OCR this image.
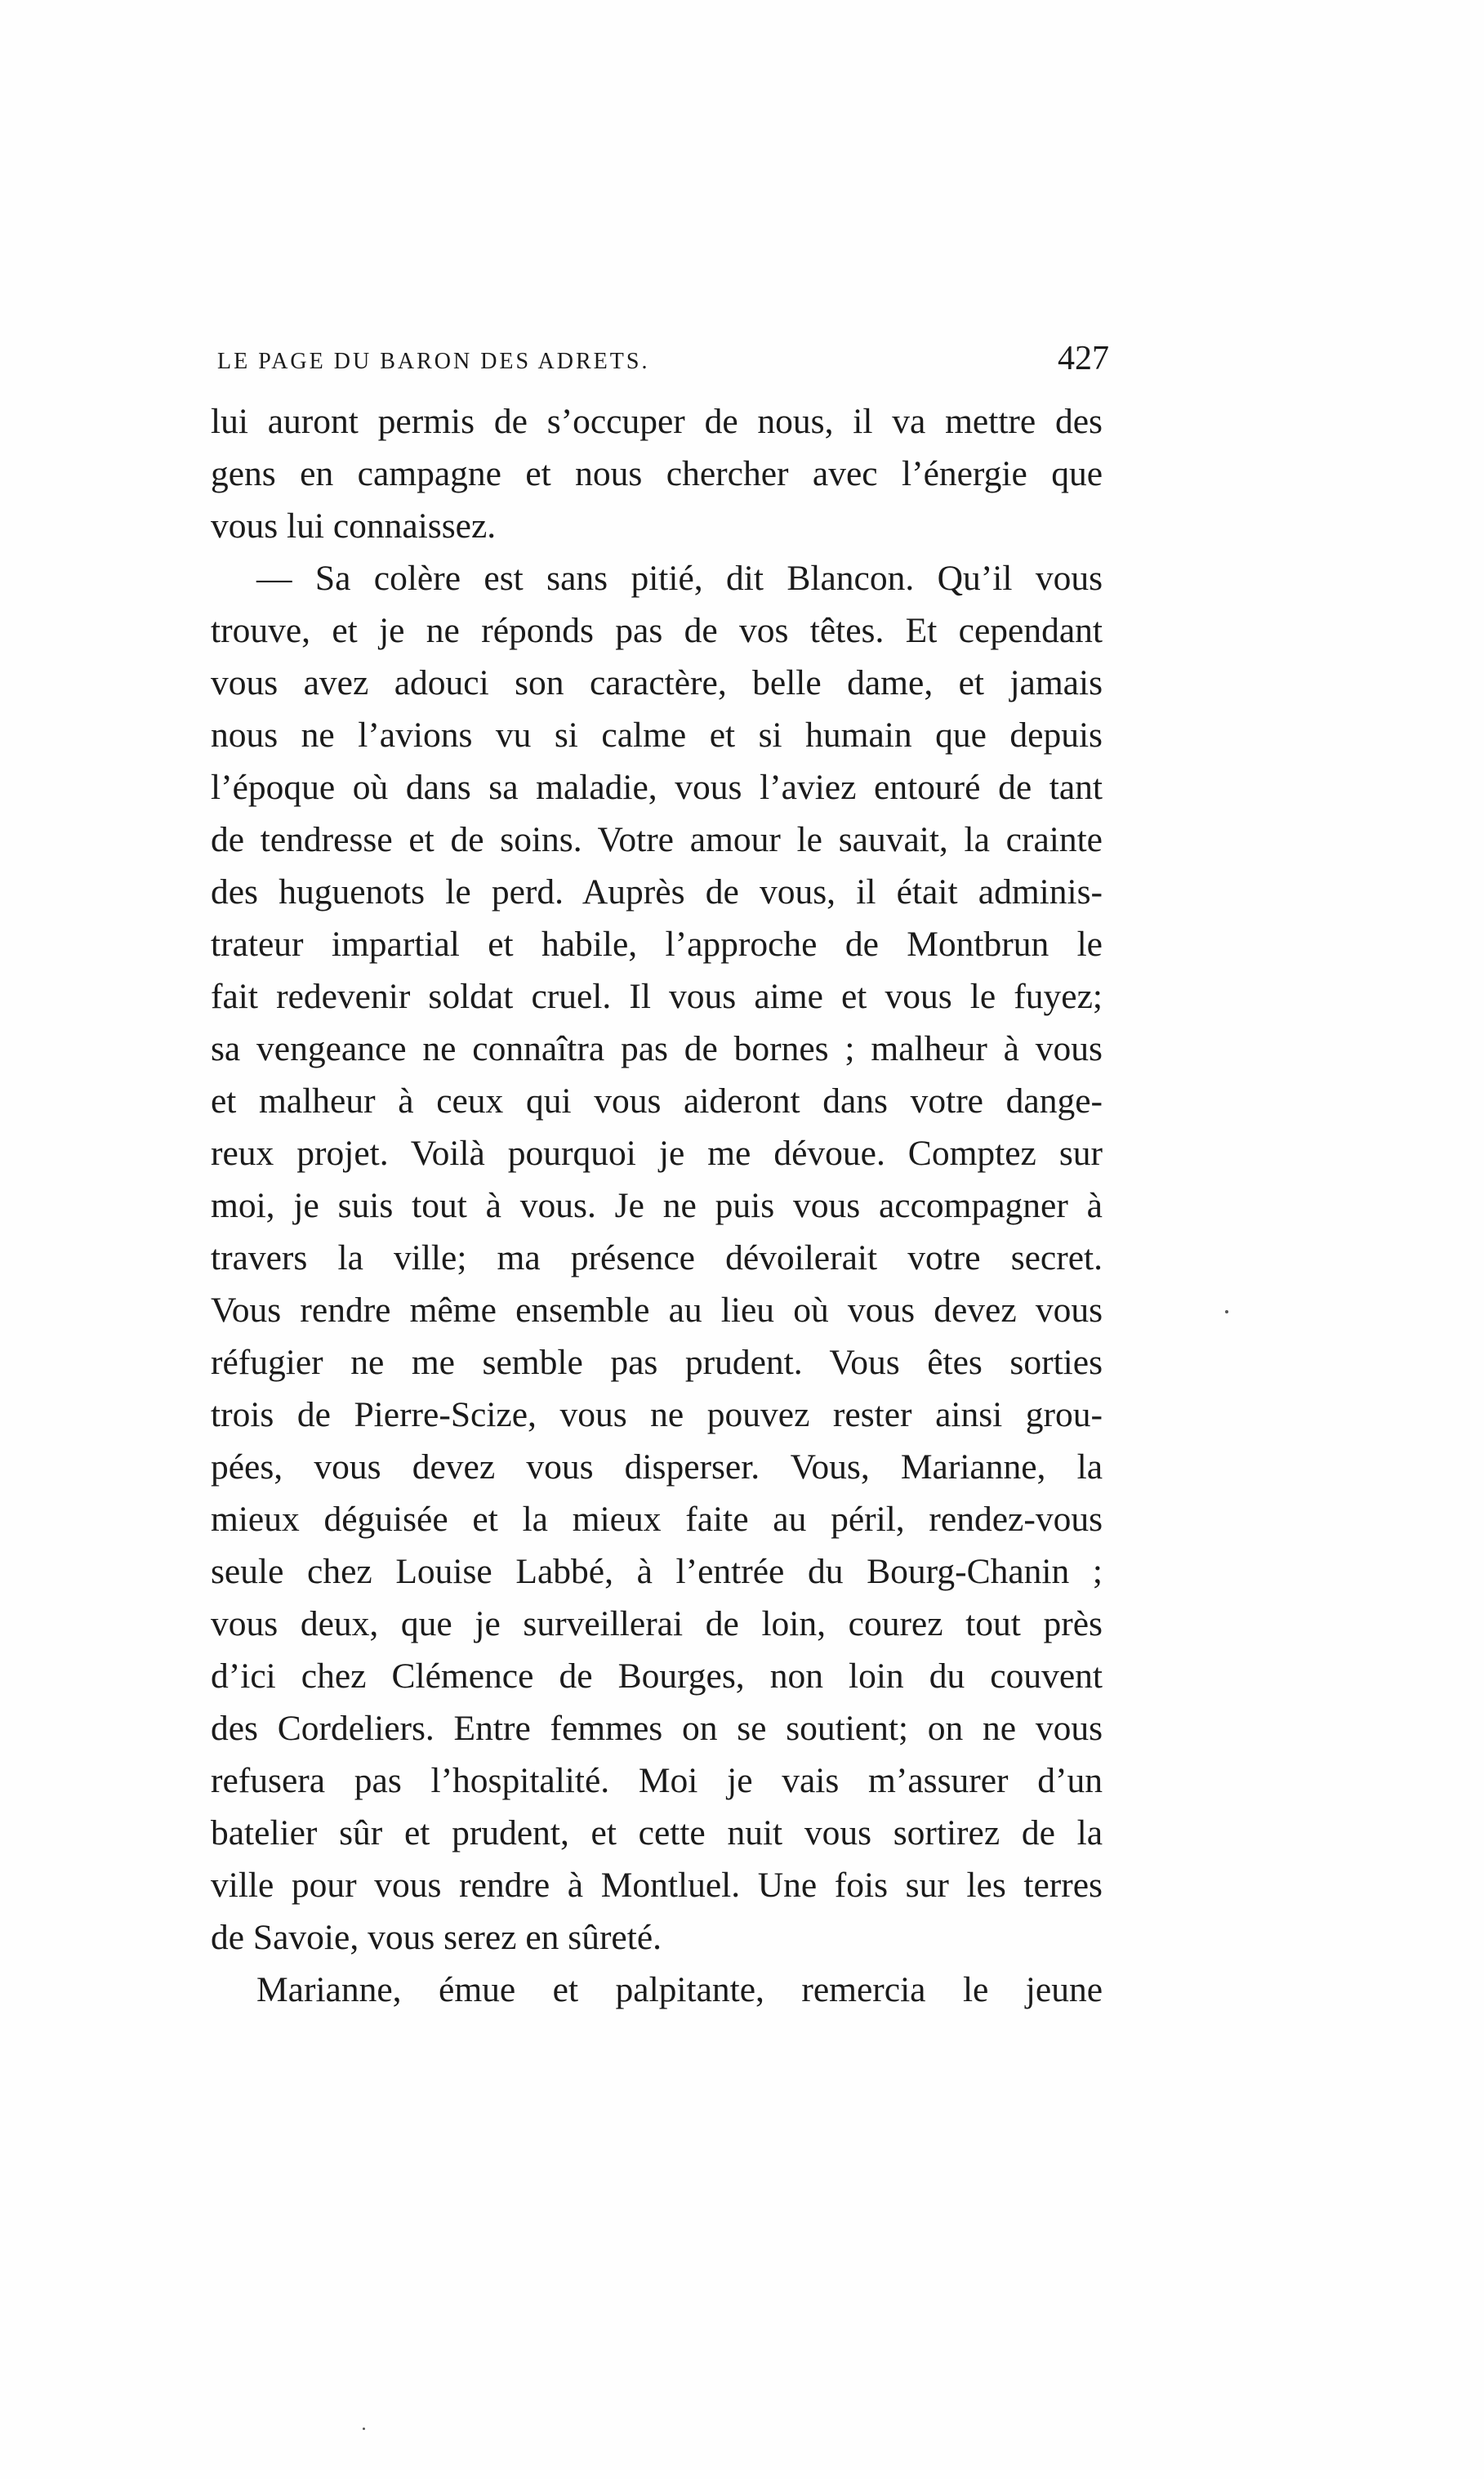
LE PAGE DU BARON DES ADRETS.	427
lui auront permis de s’occuper de nous, il va mettre des
gens en campagne et nous chercher avec l’énergie que
vous lui connaissez.
— Sa colère est sans pitié, dit Blancon. Qu’il vous
trouve, et je ne réponds pas de vos têtes. Et cependant
vous avez adouci son caractère, belle dame, et jamais
nous ne l’avions vu si calme et si humain que depuis
l’époque où dans sa maladie, vous l’aviez entouré de tant
de tendresse et de soins. Votre amour le sauvait, la crainte
des huguenots le perd. Auprès de vous, il était adminis-
trateur impartial et habile, l’approche de Montbrun le
fait redevenir soldat cruel. Il vous aime et vous le fuyez;
sa vengeance ne connaîtra pas de bornes ; malheur à vous
et malheur à ceux qui vous aideront dans votre dange-
reux projet. Voilà pourquoi je me dévoue. Comptez sur
moi, je suis tout à vous. Je ne puis vous accompagner à
travers la ville; ma présence dévoilerait votre secret.
Vous rendre même ensemble au lieu où vous devez vous
réfugier ne me semble pas prudent. Vous êtes sorties
trois de Pierre-Scize, vous ne pouvez rester ainsi grou-
pées, vous devez vous disperser. Vous, Marianne, la
mieux déguisée et la mieux faite au péril, rendez-vous
seule chez Louise Labbé, à l’entrée du Bourg-Chanin ;
vous deux, que je surveillerai de loin, courez tout près
d’ici chez Clémence de Bourges, non loin du couvent
des Cordeliers. Entre femmes on se soutient; on ne vous
refusera pas l’hospitalité. Moi je vais m’assurer d’un
batelier sûr et prudent, et cette nuit vous sortirez de la
ville pour vous rendre à Montluel. Une fois sur les terres
de Savoie, vous serez en sûreté.
Marianne, émue et palpitante, remercia le jeune
